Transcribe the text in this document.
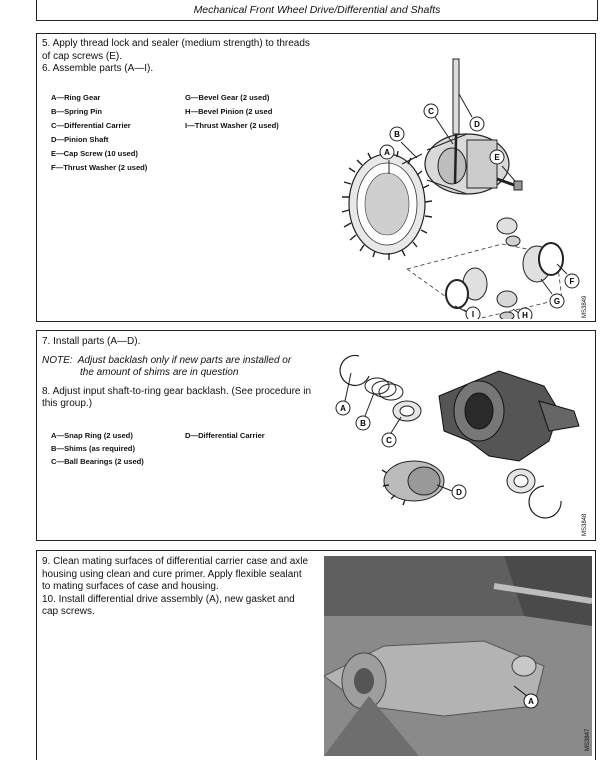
Mechanical Front Wheel Drive/Differential and Shafts

5. Apply thread lock and sealer (medium strength) to threads of cap screws (E).

6. Assemble parts (A—I).

A—Ring Gear
B—Spring Pin
C—Differential Carrier
D—Pinion Shaft
E—Cap Screw (10 used)
F—Thrust Washer (2 used)
G—Bevel Gear (2 used)
H—Bevel Pinion (2 used
I—Thrust Washer (2 used)	D
C
B
A
E
F
G
H
I	MS3849

7. Install parts (A—D).

NOTE: Adjust backlash only if new parts are installed or
the amount of shims are in question

8. Adjust input shaft-to-ring gear backlash. (See procedure in this group.)

A—Snap Ring (2 used)
B—Shims (as required)
C—Ball Bearings (2 used)
D—Differential Carrier
A
B
C
D
MS3848

9. Clean mating surfaces of differential carrier case and axle housing using clean and cure primer. Apply flexible sealant to mating surfaces of case and housing.

10. Install differential drive assembly (A), new gasket and cap screws.

A
MS3847
